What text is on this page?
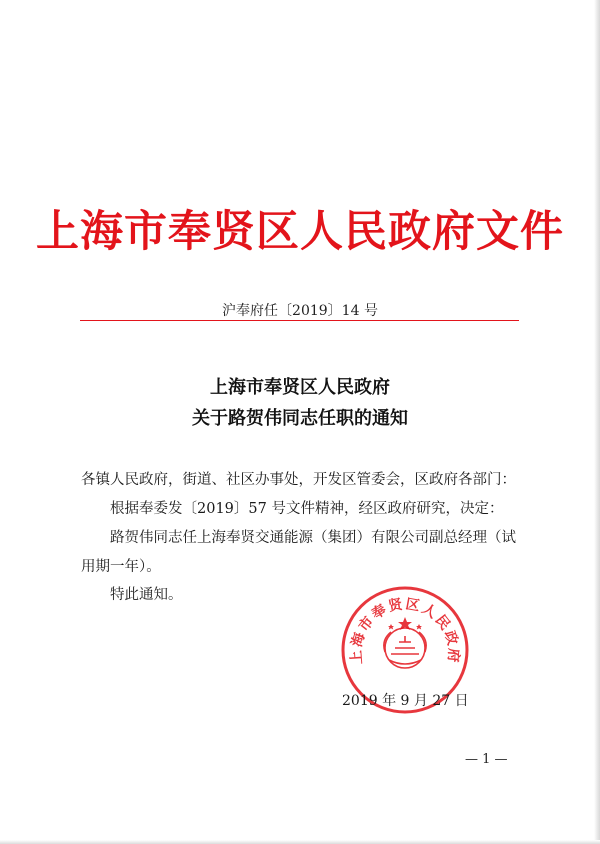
上海市奉贤区人民政府文件
沪奉府任〔2019〕14 号
上海市奉贤区人民政府
关于路贺伟同志任职的通知
各镇人民政府，街道、社区办事处，开发区管委会，区政府各部门：
根据奉委发〔2019〕57 号文件精神，经区政府研究，决定：
路贺伟同志任上海奉贤交通能源（集团）有限公司副总经理（试
用期一年）。
特此通知。
上海市奉贤区人民政府
2019 年 9 月 27 日
— 1 —
